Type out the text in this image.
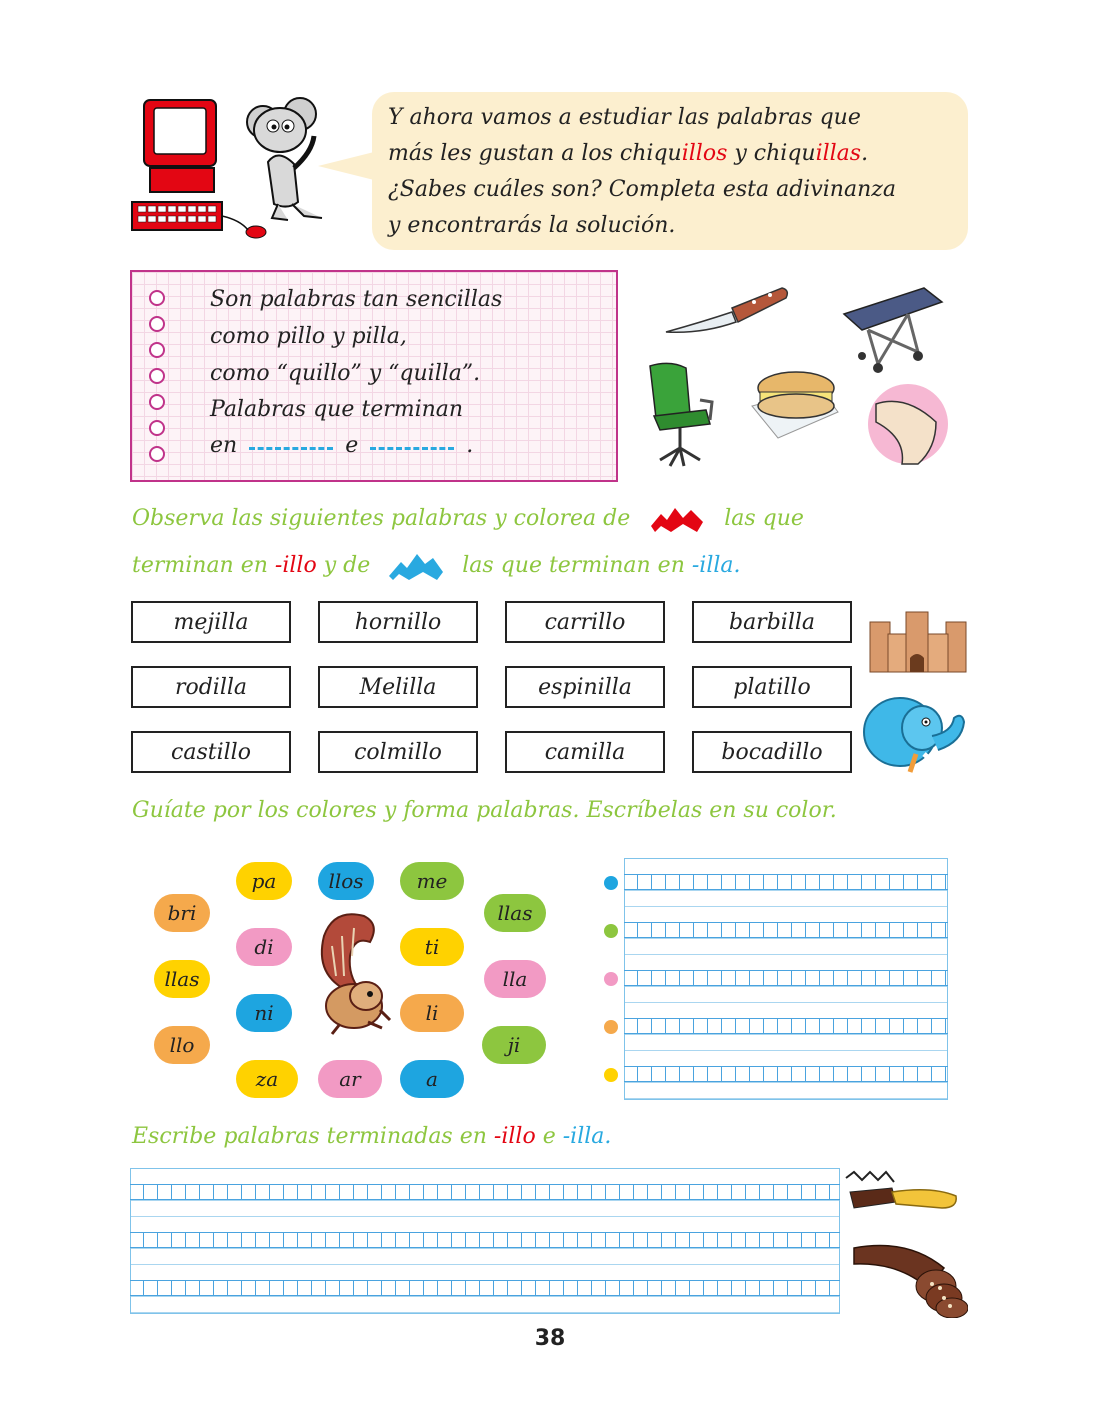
Y ahora vamos a estudiar las palabras que
más les gustan a los chiquillos y chiquillas.
¿Sabes cuáles son? Completa esta adivinanza
y encontrarás la solución.
Son palabras tan sencillas
como pillo y pilla,
como “quillo” y “quilla”.
Palabras que terminan
en	e	.
Observa las siguientes palabras y colorea de	las que
terminan en -illo y de	las que terminan en -illa.
mejilla	hornillo	carrillo	barbilla
rodilla	Melilla	espinilla	platillo
castillo	colmillo	camilla	bocadillo
Guíate por los colores y forma palabras. Escríbelas en su color.
pa	llos	me
bri	llas
di	ti
llas	lla
ni	li
llo	ji
za	ar	a
Escribe palabras terminadas en -illo e -illa.
38
